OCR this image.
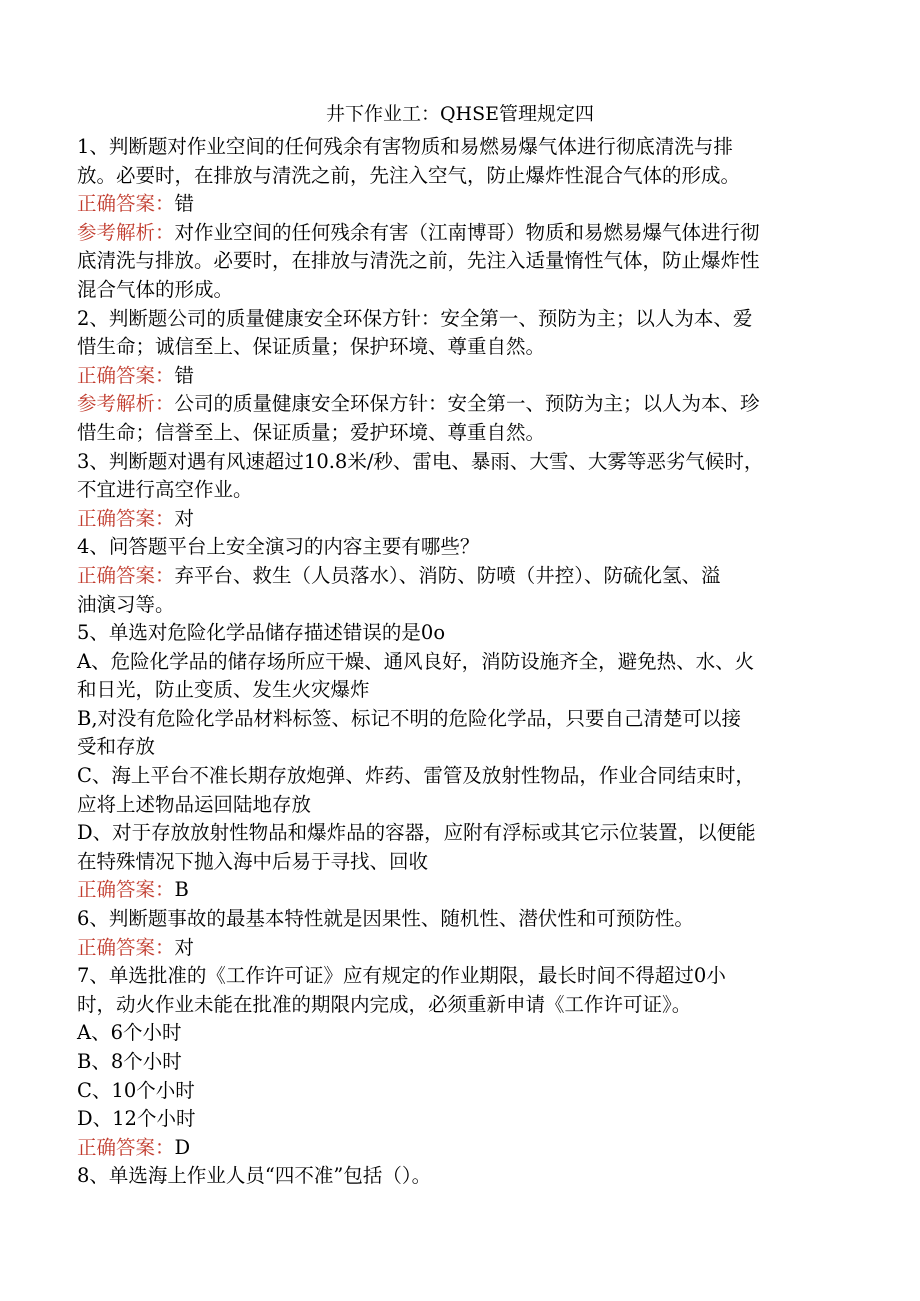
井下作业工：QHSE管理规定四
1、判断题对作业空间的任何残余有害物质和易燃易爆气体进行彻底清洗与排
放。必要时，在排放与清洗之前，先注入空气，防止爆炸性混合气体的形成。
正确答案：错
参考解析：对作业空间的任何残余有害（江南博哥）物质和易燃易爆气体进行彻
底清洗与排放。必要时，在排放与清洗之前，先注入适量惰性气体，防止爆炸性
混合气体的形成。
2、判断题公司的质量健康安全环保方针：安全第一、预防为主；以人为本、爱
惜生命；诚信至上、保证质量；保护环境、尊重自然。
正确答案：错
参考解析：公司的质量健康安全环保方针：安全第一、预防为主；以人为本、珍
惜生命；信誉至上、保证质量；爱护环境、尊重自然。
3、判断题对遇有风速超过10.8米/秒、雷电、暴雨、大雪、大雾等恶劣气候时，
不宜进行高空作业。
正确答案：对
4、问答题平台上安全演习的内容主要有哪些？
正确答案：弃平台、救生（人员落水）、消防、防喷（井控）、防硫化氢、溢
油演习等。
5、单选对危险化学品储存描述错误的是0o
A、危险化学品的储存场所应干燥、通风良好，消防设施齐全，避免热、水、火
和日光，防止变质、发生火灾爆炸
B,对没有危险化学品材料标签、标记不明的危险化学品，只要自己清楚可以接
受和存放
C、海上平台不准长期存放炮弹、炸药、雷管及放射性物品，作业合同结束时，
应将上述物品运回陆地存放
D、对于存放放射性物品和爆炸品的容器，应附有浮标或其它示位装置，以便能
在特殊情况下抛入海中后易于寻找、回收
正确答案：B
6、判断题事故的最基本特性就是因果性、随机性、潜伏性和可预防性。
正确答案：对
7、单选批准的《工作许可证》应有规定的作业期限，最长时间不得超过0小
时，动火作业未能在批准的期限内完成，必须重新申请《工作许可证》。
A、6个小时
B、8个小时
C、10个小时
D、12个小时
正确答案：D
8、单选海上作业人员“四不准”包括（）。
